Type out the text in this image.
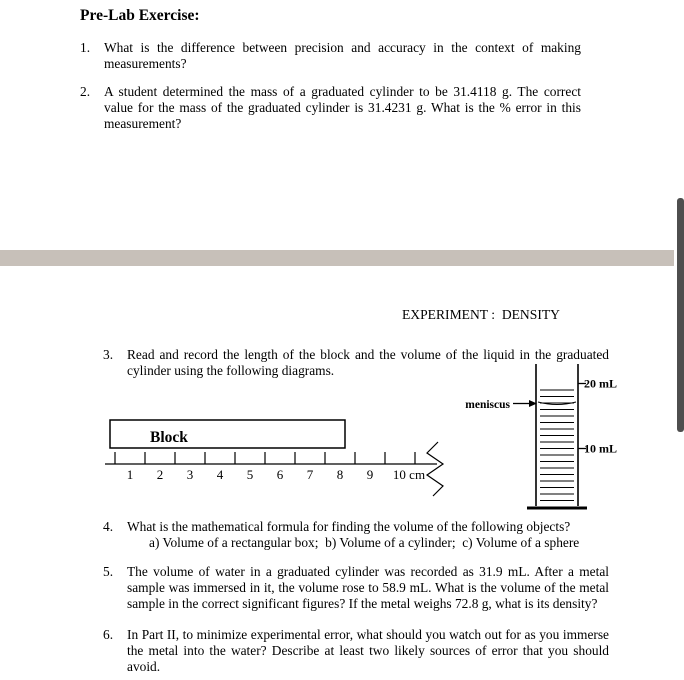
Pre-Lab Exercise:
1.	What is the difference between precision and accuracy in the context of making measurements?
2.	A student determined the mass of a graduated cylinder to be 31.4118 g. The correct value for the mass of the graduated cylinder is 31.4231 g. What is the % error in this measurement?
EXPERIMENT :  DENSITY
3.	Read and record the length of the block and the volume of the liquid in the graduated cylinder using the following diagrams.
Block
1 2 3 4 5 6 7 8 9 10 cm
20 mL
10 mL
meniscus
4.	What is the mathematical formula for finding the volume of the following objects?
a) Volume of a rectangular box;  b) Volume of a cylinder;  c) Volume of a sphere
5.	The volume of water in a graduated cylinder was recorded as 31.9 mL. After a metal sample was immersed in it, the volume rose to 58.9 mL. What is the volume of the metal sample in the correct significant figures? If the metal weighs 72.8 g, what is its density?
6.	In Part II, to minimize experimental error, what should you watch out for as you immerse the metal into the water? Describe at least two likely sources of error that you should avoid.
